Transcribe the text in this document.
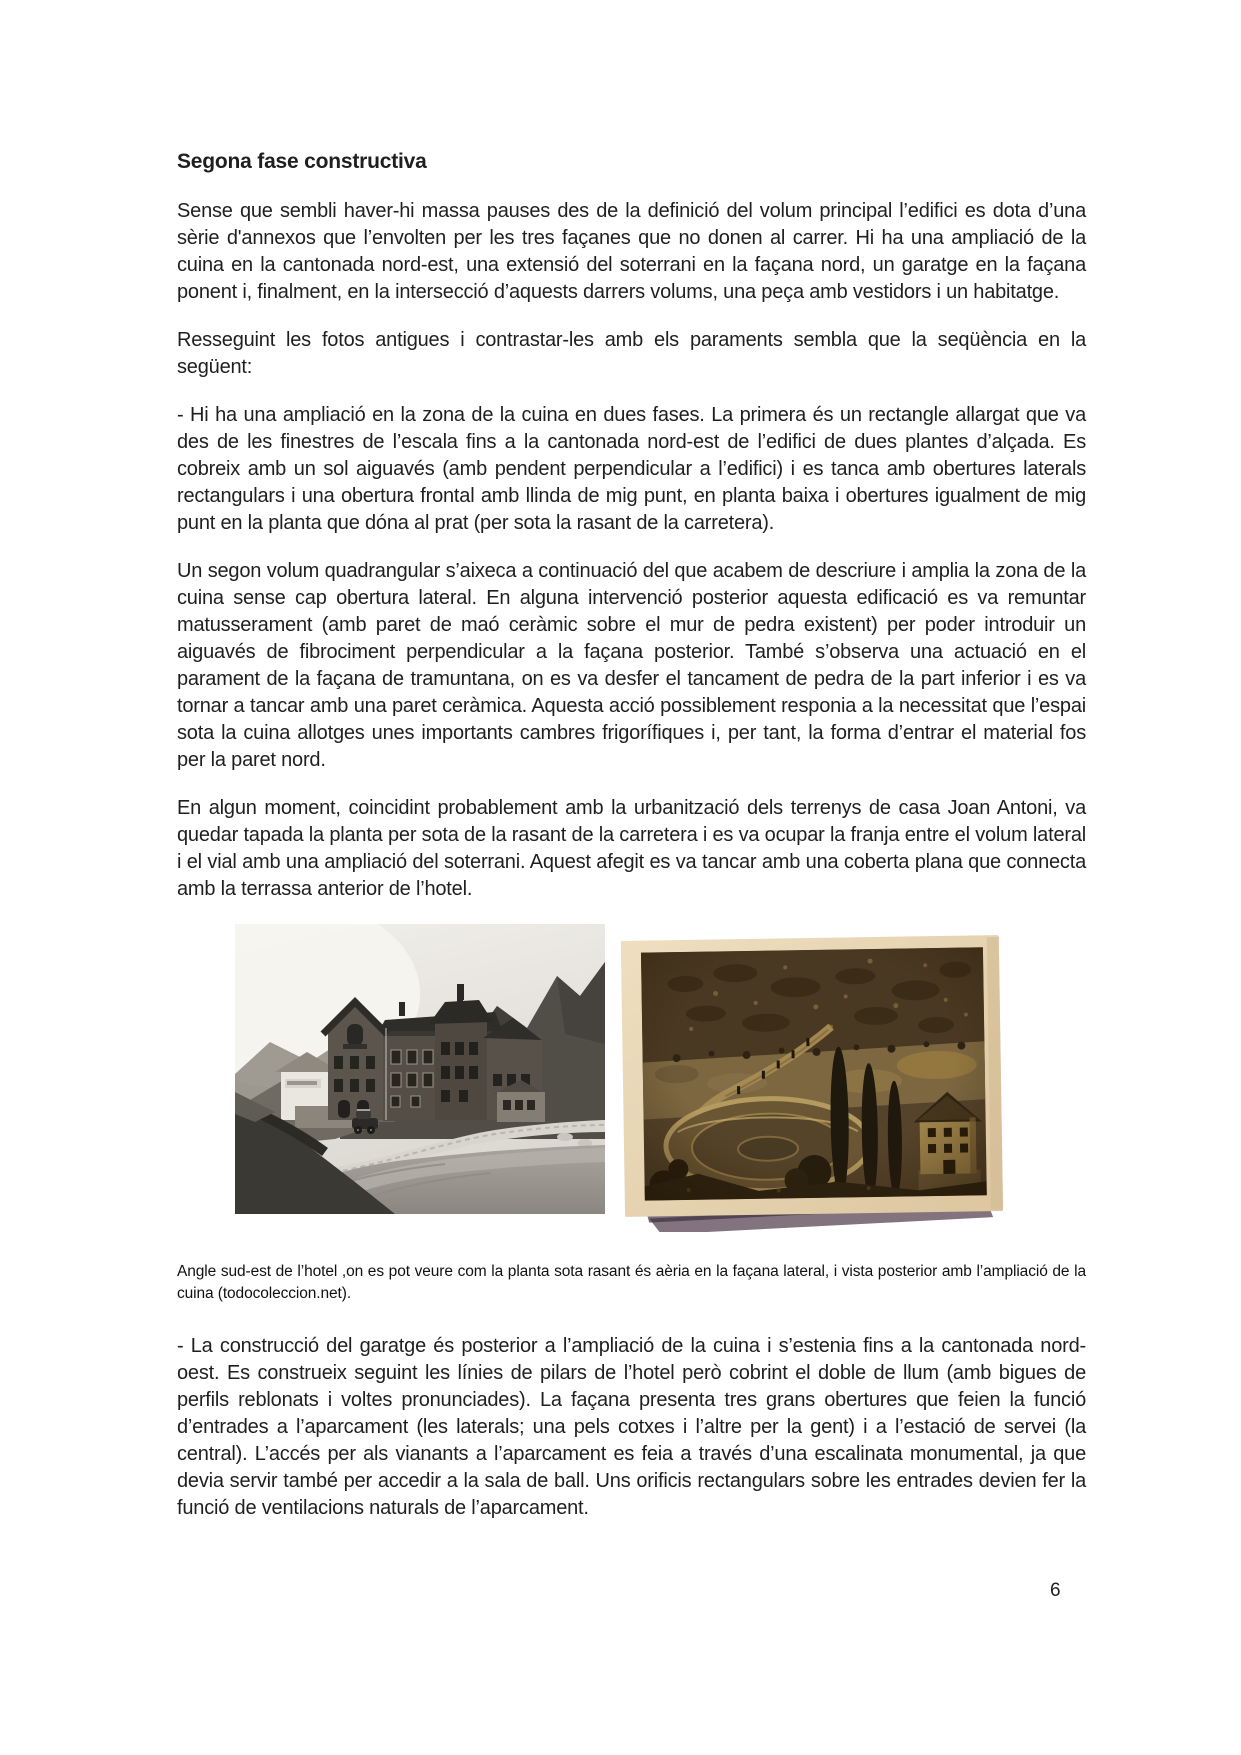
Segona fase constructiva

Sense que sembli haver-hi massa pauses des de la definició del volum principal l’edifici es dota d’una sèrie d'annexos que l’envolten per les tres façanes que no donen al carrer. Hi ha una ampliació de la cuina en la cantonada nord-est, una extensió del soterrani en la façana nord, un garatge en la façana ponent i, finalment, en la intersecció d’aquests darrers volums, una peça amb vestidors i un habitatge.

Resseguint les fotos antigues i contrastar-les amb els paraments sembla que la seqüència en la següent:

- Hi ha una ampliació en la zona de la cuina en dues fases. La primera és un rectangle allargat que va des de les finestres de l’escala fins a la cantonada nord-est de l’edifici de dues plantes d’alçada. Es cobreix amb un sol aiguavés (amb pendent perpendicular a l’edifici) i es tanca amb obertures laterals rectangulars i una obertura frontal amb llinda de mig punt, en planta baixa i obertures igualment de mig punt en la planta que dóna al prat (per sota la rasant de la carretera).

Un segon volum quadrangular s’aixeca a continuació del que acabem de descriure i amplia la zona de la cuina sense cap obertura lateral. En alguna intervenció posterior aquesta edificació es va remuntar matusserament (amb paret de maó ceràmic sobre el mur de pedra existent) per poder introduir un aiguavés de fibrociment perpendicular a la façana posterior. També s’observa una actuació en el parament de la façana de tramuntana, on es va desfer el tancament de pedra de la part inferior i es va tornar a tancar amb una paret ceràmica. Aquesta acció possiblement responia a la necessitat que l’espai sota la cuina allotges unes importants cambres frigorífiques i, per tant, la forma d’entrar el material fos per la paret nord.

En algun moment, coincidint probablement amb la urbanització dels terrenys de casa Joan Antoni, va quedar tapada la planta per sota de la rasant de la carretera i es va ocupar la franja entre el volum lateral i el vial amb una ampliació del soterrani. Aquest afegit es va tancar amb una coberta plana que connecta amb la terrassa anterior de l’hotel.

Angle sud-est de l’hotel ,on es pot veure com la planta sota rasant és aèria en la façana lateral, i vista posterior amb l’ampliació de la cuina (todocoleccion.net).

- La construcció del garatge és posterior a l’ampliació de la cuina i s’estenia fins a la cantonada nord-oest. Es construeix seguint les línies de pilars de l’hotel però cobrint el doble de llum (amb bigues de perfils reblonats i voltes pronunciades). La façana presenta tres grans obertures que feien la funció d’entrades a l’aparcament (les laterals; una pels cotxes i l’altre per la gent) i a l’estació de servei (la central). L’accés per als vianants a l’aparcament es feia a través d’una escalinata monumental, ja que devia servir també per accedir a la sala de ball. Uns orificis rectangulars sobre les entrades devien fer la funció de ventilacions naturals de l’aparcament.

6
